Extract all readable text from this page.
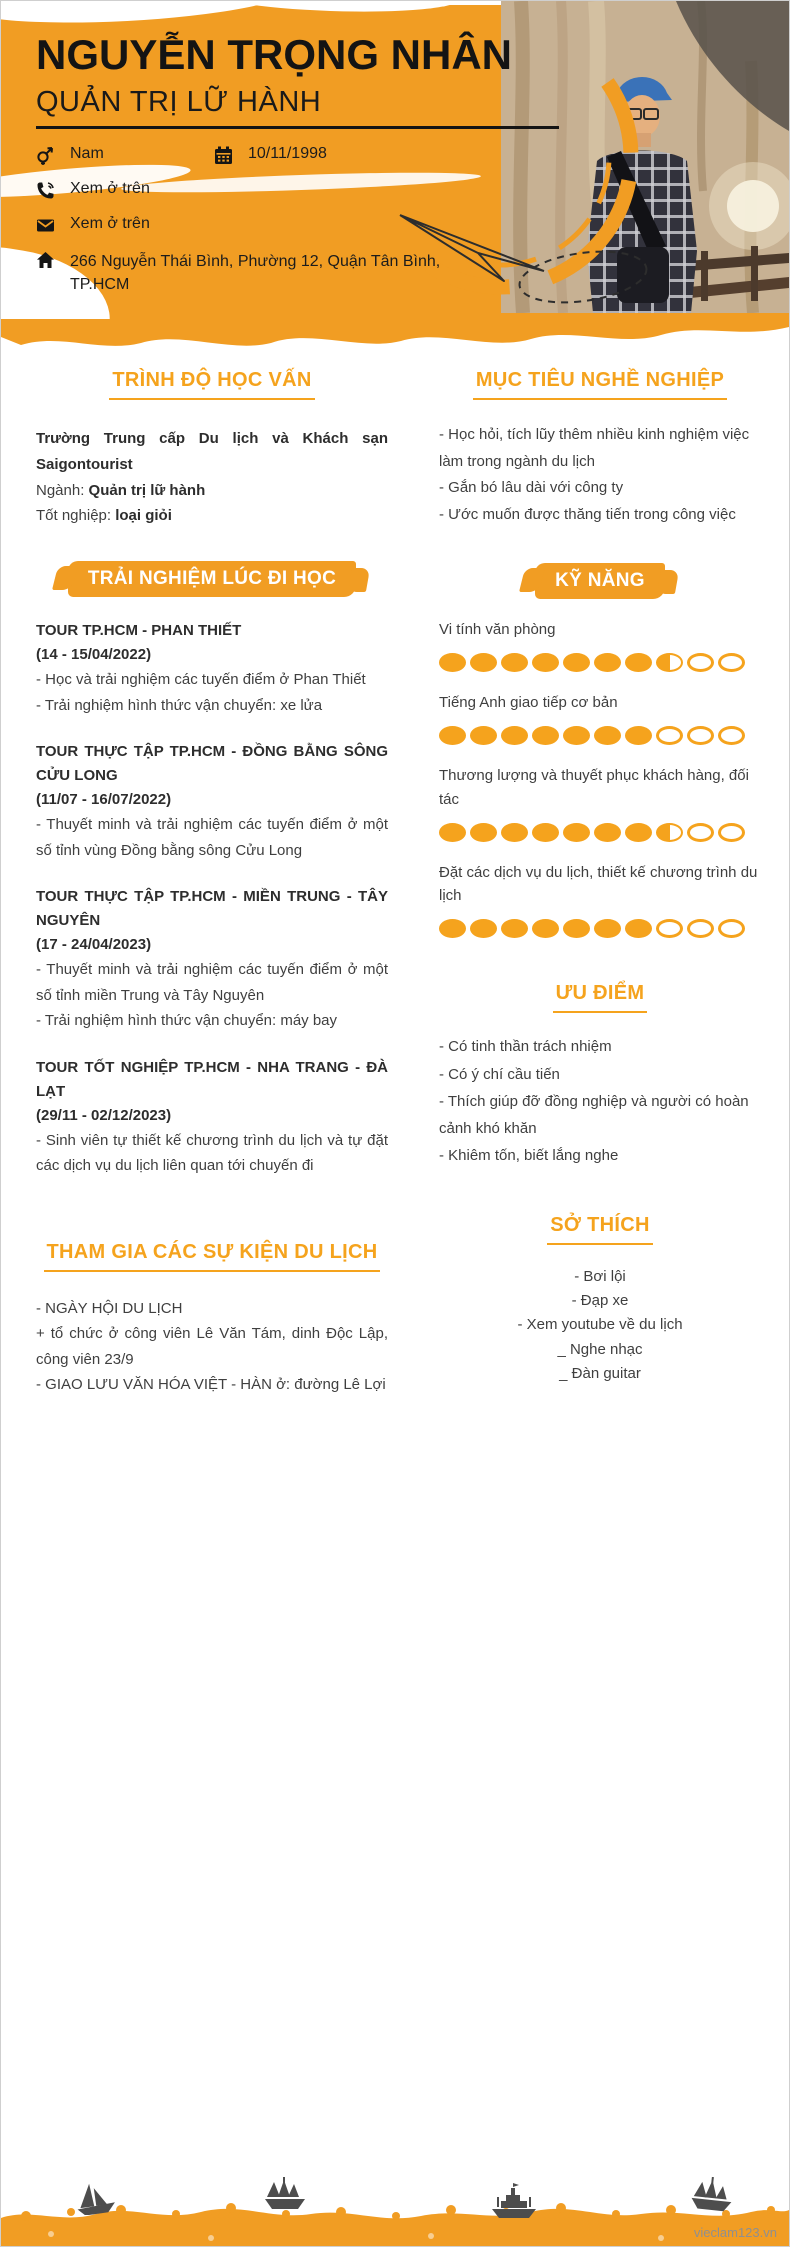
NGUYỄN TRỌNG NHÂN
QUẢN TRỊ LỮ HÀNH
Nam	10/11/1998
Xem ở trên
Xem ở trên
266 Nguyễn Thái Bình, Phường 12, Quận Tân Bình, TP.HCM
TRÌNH ĐỘ HỌC VẤN
Trường Trung cấp Du lịch và Khách sạn Saigontourist
Ngành: Quản trị lữ hành
Tốt nghiệp: loại giỏi
TRẢI NGHIỆM LÚC ĐI HỌC
TOUR TP.HCM - PHAN THIẾT
(14 - 15/04/2022)
- Học và trải nghiệm các tuyến điểm ở Phan Thiết
- Trải nghiệm hình thức vận chuyển: xe lửa
TOUR THỰC TẬP TP.HCM - ĐỒNG BẰNG SÔNG CỬU LONG
(11/07 - 16/07/2022)
- Thuyết minh và trải nghiệm các tuyến điểm ở một số tỉnh vùng Đồng bằng sông Cửu Long
TOUR THỰC TẬP TP.HCM - MIỀN TRUNG - TÂY NGUYÊN
(17 - 24/04/2023)
- Thuyết minh và trải nghiệm các tuyến điểm ở một số tỉnh miền Trung và Tây Nguyên
- Trải nghiệm hình thức vận chuyển: máy bay
TOUR TỐT NGHIỆP TP.HCM - NHA TRANG - ĐÀ LẠT
(29/11 - 02/12/2023)
- Sinh viên tự thiết kế chương trình du lịch và tự đặt các dịch vụ du lịch liên quan tới chuyến đi
THAM GIA CÁC SỰ KIỆN DU LỊCH
- NGÀY HỘI DU LỊCH
+ tổ chức ở công viên Lê Văn Tám, dinh Độc Lập, công viên 23/9
- GIAO LƯU VĂN HÓA VIỆT - HÀN ở: đường Lê Lợi
MỤC TIÊU NGHỀ NGHIỆP
- Học hỏi, tích lũy thêm nhiều kinh nghiệm việc làm trong ngành du lịch
- Gắn bó lâu dài với công ty
- Ước muốn được thăng tiến trong công việc
KỸ NĂNG
Vi tính văn phòng
Tiếng Anh giao tiếp cơ bản
Thương lượng và thuyết phục khách hàng, đối tác
Đặt các dịch vụ du lịch, thiết kế chương trình du lịch
ƯU ĐIỂM
- Có tinh thần trách nhiệm
- Có ý chí cầu tiến
- Thích giúp đỡ đồng nghiệp và người có hoàn cảnh khó khăn
- Khiêm tốn, biết lắng nghe
SỞ THÍCH
- Bơi lội
- Đạp xe
- Xem youtube về du lịch
_ Nghe nhạc
_ Đàn guitar
vieclam123.vn
